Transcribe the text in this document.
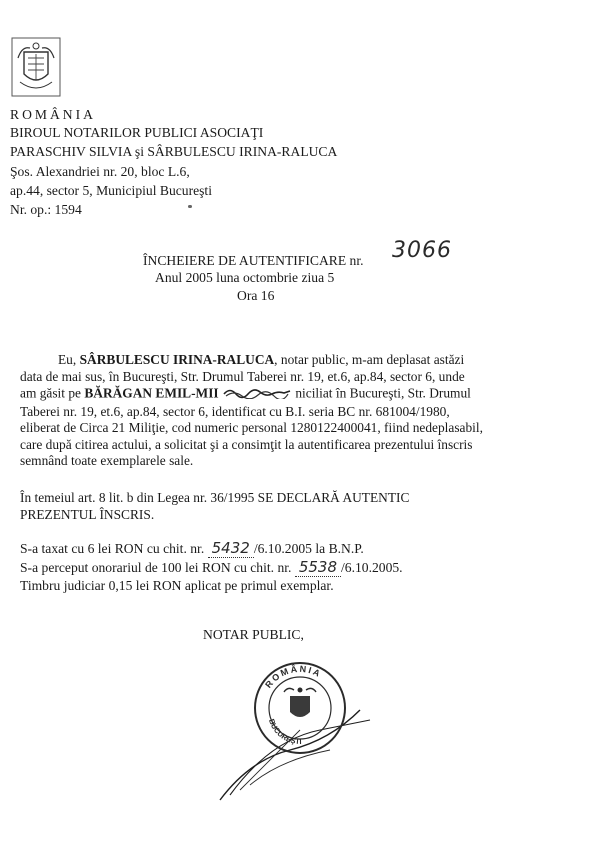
ROMÂNIA
BIROUL NOTARILOR PUBLICI ASOCIAŢI
PARASCHIV SILVIA şi SÂRBULESCU IRINA-RALUCA
Şos. Alexandriei nr. 20, bloc L.6,
ap.44, sector 5, Municipiul Bucureşti
Nr. op.: 1594
ÎNCHEIERE DE AUTENTIFICARE nr. 3066
Anul 2005 luna octombrie ziua 5
Ora 16
Eu, SÂRBULESCU IRINA-RALUCA, notar public, m-am deplasat astăzi
data de mai sus, în Bucureşti, Str. Drumul Taberei nr. 19, et.6, ap.84, sector 6, unde
am găsit pe BĂRĂGAN EMIL-MII	niciliat în Bucureşti, Str. Drumul
Taberei nr. 19, et.6, ap.84, sector 6, identificat cu B.I. seria BC nr. 681004/1980,
eliberat de Circa 21 Miliţie, cod numeric personal 1280122400041, fiind nedeplasabil,
care după citirea actului, a solicitat şi a consimţit la autentificarea prezentului înscris
semnând toate exemplarele sale.
În temeiul art. 8 lit. b din Legea nr. 36/1995 SE DECLARĂ AUTENTIC
PREZENTUL ÎNSCRIS.
S-a taxat cu 6 lei RON cu chit. nr. 5432 /6.10.2005 la B.N.P.
S-a perceput onorariul de 100 lei RON cu chit. nr. 5538 /6.10.2005.
Timbru judiciar 0,15 lei RON aplicat pe primul exemplar.
NOTAR PUBLIC,
ROMÂNIA
BUCUREŞTI
